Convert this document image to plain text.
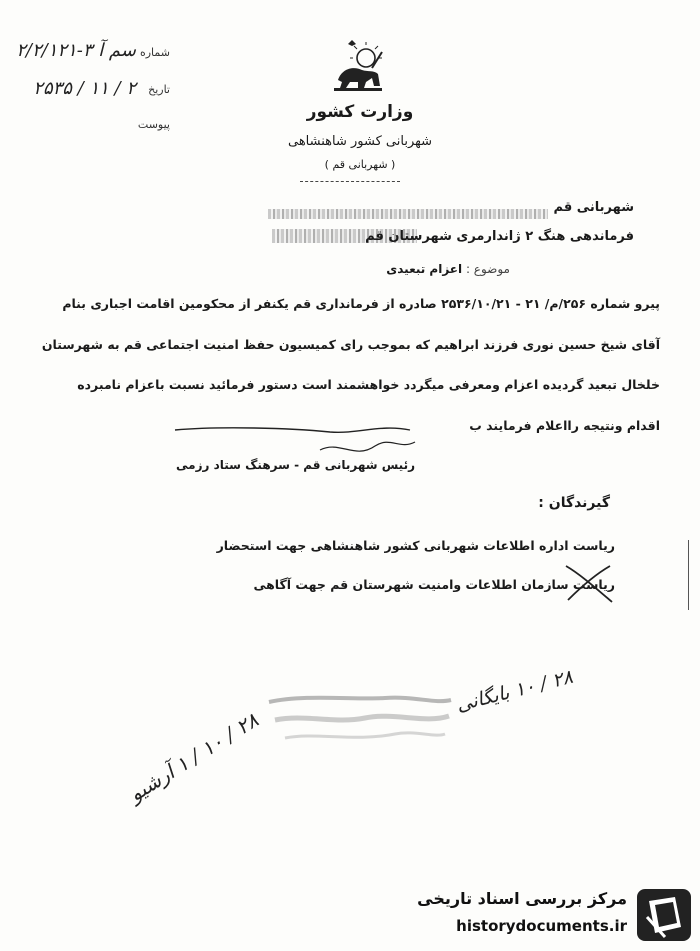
شماره
تاریخ
پیوست
سم آ ۳-۲/۲/۱۲۱
۲ / ۱۱ / ۲۵۳۵
وزارت کشور
شهربانی کشور شاهنشاهی
( شهربانی قم )
شهربانی قم
فرماندهی هنگ ۲ ژاندارمری شهرستان قم
موضوع : اعزام تبعیدی
پیرو شماره ۲۵۶/م/ ۲۱ - ۲۵۳۶/۱۰/۲۱ صادره از فرمانداری قم یکنفر از محکومین اقامت اجباری بنام
آقای شیخ حسین نوری فرزند ابراهیم که بموجب رای کمیسیون حفظ امنیت اجتماعی قم به شهرستان
خلخال تبعید گردیده اعزام ومعرفی میگردد خواهشمند است دستور فرمائید نسبت باعزام نامبرده
اقدام ونتیجه رااعلام فرمایند ب
رئیس شهربانی قم - سرهنگ ستاد رزمی
گیرندگان :
ریاست اداره اطلاعات شهربانی کشور شاهنشاهی جهت استحضار
ریاست سازمان اطلاعات وامنیت شهرستان قم جهت آگاهی
۲۸ / ۱۰ بایگانی
۲۸ / ۱۰ / ۱ آرشیو
مرکز بررسی اسناد تاریخی
historydocuments.ir
